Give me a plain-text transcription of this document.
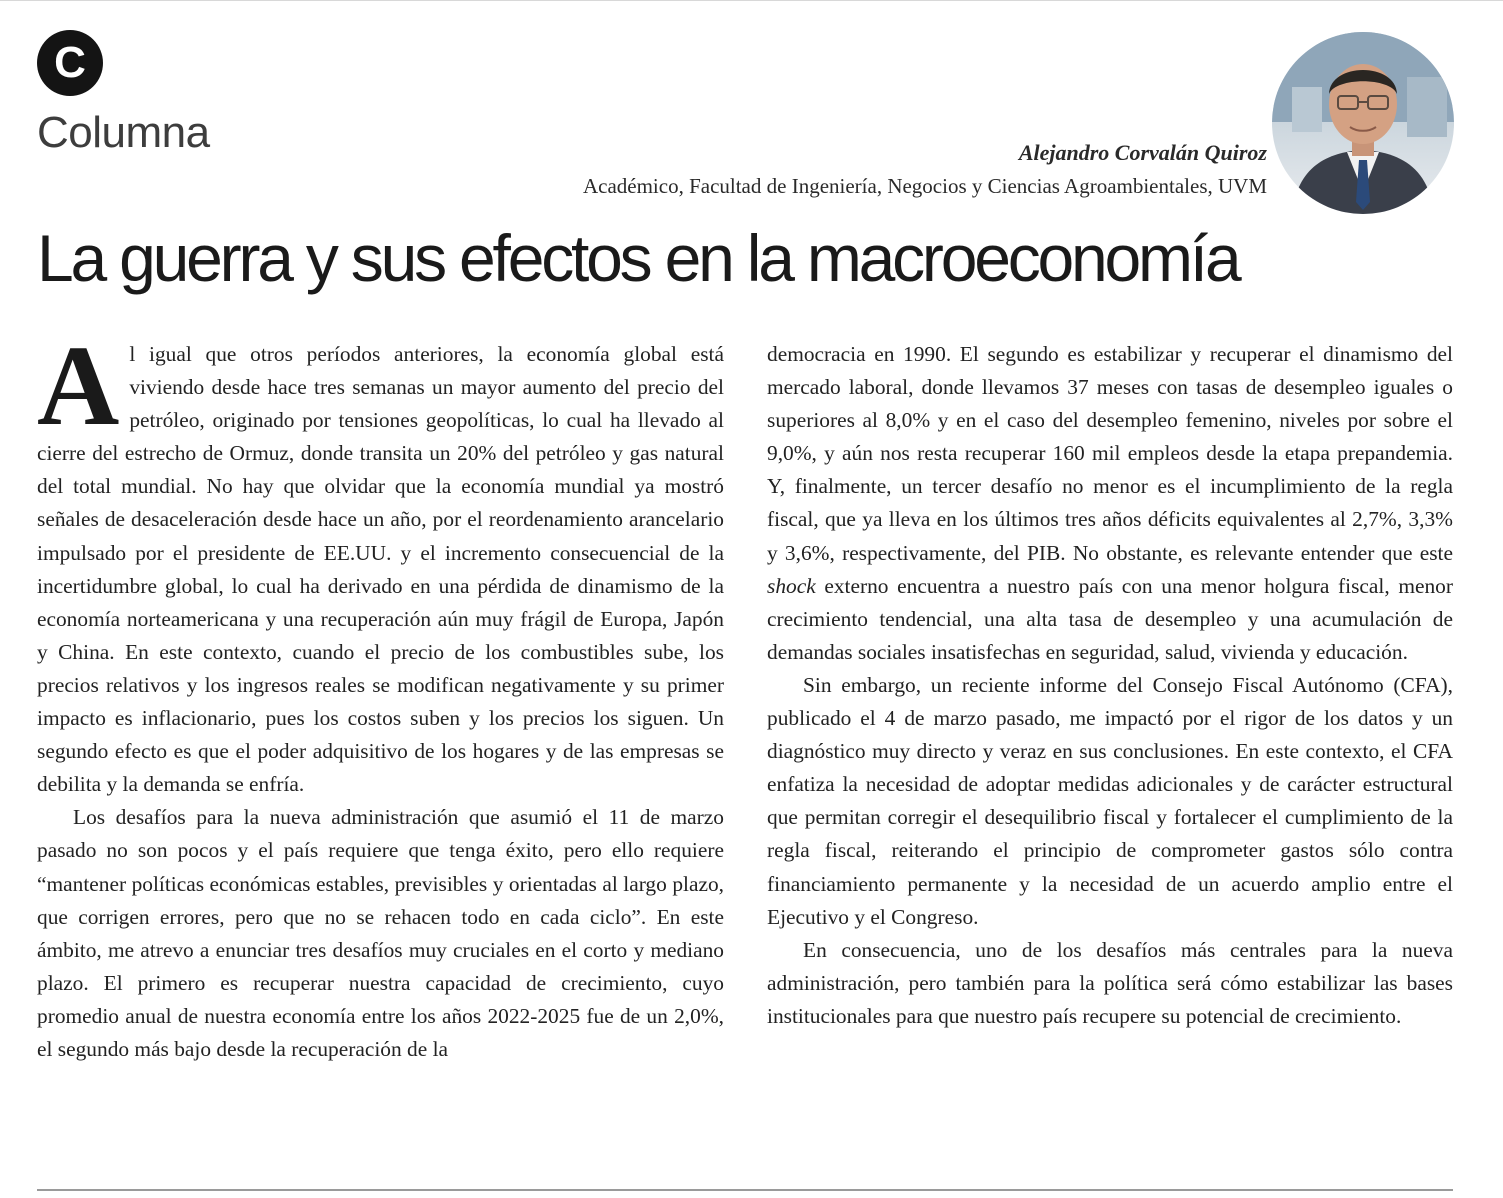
C
Columna	Alejandro Corvalán Quiroz
Académico, Facultad de Ingeniería, Negocios y Ciencias Agroambientales, UVM
La guerra y sus efectos en la macroeconomía

Al igual que otros períodos anteriores, la economía global está viviendo desde hace tres semanas un mayor aumento del precio del petróleo, originado por tensiones geopolíticas, lo cual ha llevado al cierre del estrecho de Ormuz, donde transita un 20% del petróleo y gas natural del total mundial. No hay que olvidar que la economía mundial ya mostró señales de desaceleración desde hace un año, por el reordenamiento arancelario impulsado por el presidente de EE.UU. y el incremento consecuencial de la incertidumbre global, lo cual ha derivado en una pérdida de dinamismo de la economía norteamericana y una recuperación aún muy frágil de Europa, Japón y China. En este contexto, cuando el precio de los combustibles sube, los precios relativos y los ingresos reales se modifican negativamente y su primer impacto es inflacionario, pues los costos suben y los precios los siguen. Un segundo efecto es que el poder adquisitivo de los hogares y de las empresas se debilita y la demanda se enfría.

Los desafíos para la nueva administración que asumió el 11 de marzo pasado no son pocos y el país requiere que tenga éxito, pero ello requiere “mantener políticas económicas estables, previsibles y orientadas al largo plazo, que corrigen errores, pero que no se rehacen todo en cada ciclo”. En este ámbito, me atrevo a enunciar tres desafíos muy cruciales en el corto y mediano plazo. El primero es recuperar nuestra capacidad de crecimiento, cuyo promedio anual de nuestra economía entre los años 2022-2025 fue de un 2,0%, el segundo más bajo desde la recuperación de la

democracia en 1990. El segundo es estabilizar y recuperar el dinamismo del mercado laboral, donde llevamos 37 meses con tasas de desempleo iguales o superiores al 8,0% y en el caso del desempleo femenino, niveles por sobre el 9,0%, y aún nos resta recuperar 160 mil empleos desde la etapa prepandemia. Y, finalmente, un tercer desafío no menor es el incumplimiento de la regla fiscal, que ya lleva en los últimos tres años déficits equivalentes al 2,7%, 3,3% y 3,6%, respectivamente, del PIB. No obstante, es relevante entender que este shock externo encuentra a nuestro país con una menor holgura fiscal, menor crecimiento tendencial, una alta tasa de desempleo y una acumulación de demandas sociales insatisfechas en seguridad, salud, vivienda y educación.

Sin embargo, un reciente informe del Consejo Fiscal Autónomo (CFA), publicado el 4 de marzo pasado, me impactó por el rigor de los datos y un diagnóstico muy directo y veraz en sus conclusiones. En este contexto, el CFA enfatiza la necesidad de adoptar medidas adicionales y de carácter estructural que permitan corregir el desequilibrio fiscal y fortalecer el cumplimiento de la regla fiscal, reiterando el principio de comprometer gastos sólo contra financiamiento permanente y la necesidad de un acuerdo amplio entre el Ejecutivo y el Congreso.

En consecuencia, uno de los desafíos más centrales para la nueva administración, pero también para la política será cómo estabilizar las bases institucionales para que nuestro país recupere su potencial de crecimiento.
